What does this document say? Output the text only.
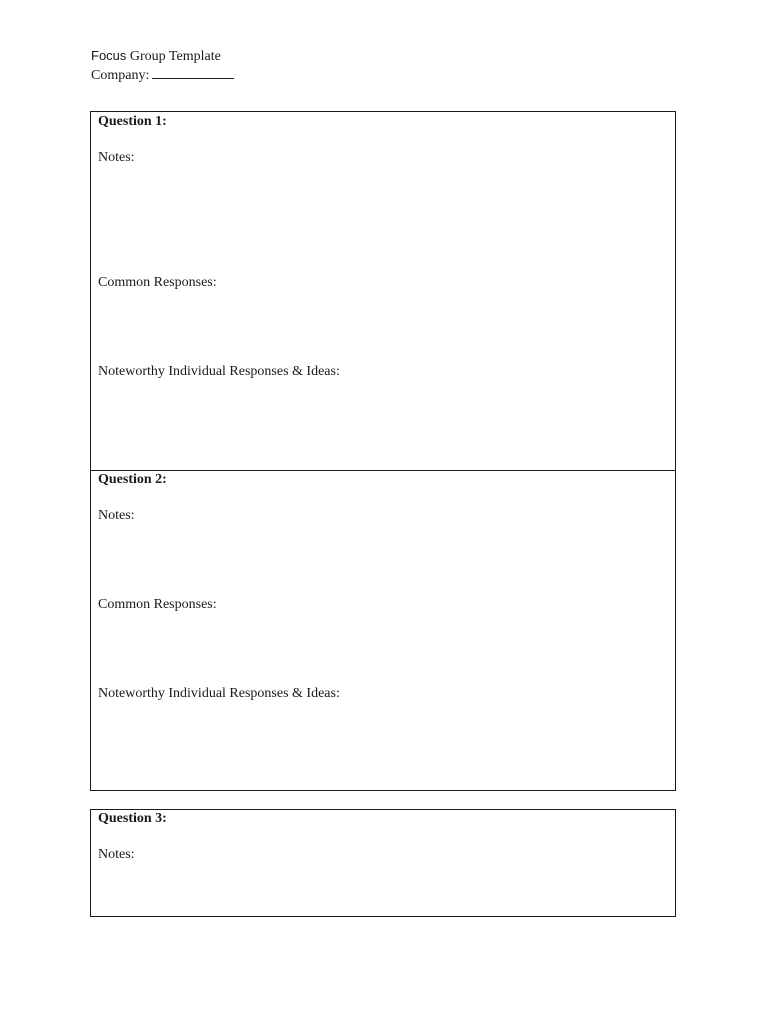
Focus Group Template
Company:
Question 1:
Notes:
Common Responses:
Noteworthy Individual Responses & Ideas:
Question 2:
Notes:
Common Responses:
Noteworthy Individual Responses & Ideas:
Question 3:
Notes:
